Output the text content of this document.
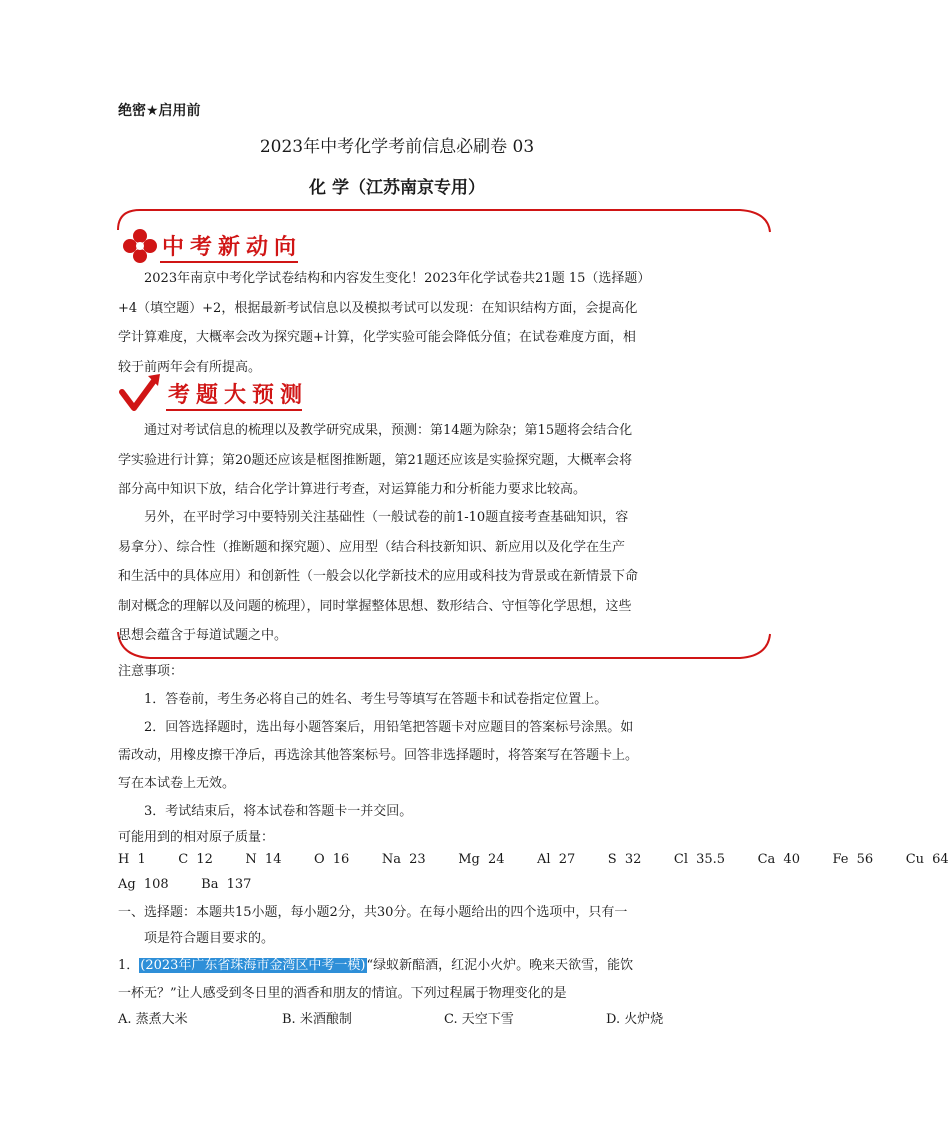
绝密★启用前
2023年中考化学考前信息必刷卷 03
化 学（江苏南京专用）
中考新动向
2023年南京中考化学试卷结构和内容发生变化！2023年化学试卷共21题 15（选择题）
+4（填空题）+2，根据最新考试信息以及模拟考试可以发现：在知识结构方面，会提高化
学计算难度，大概率会改为探究题+计算，化学实验可能会降低分值；在试卷难度方面，相
较于前两年会有所提高。
考题大预测
通过对考试信息的梳理以及教学研究成果，预测：第14题为除杂；第15题将会结合化
学实验进行计算；第20题还应该是框图推断题，第21题还应该是实验探究题，大概率会将
部分高中知识下放，结合化学计算进行考查，对运算能力和分析能力要求比较高。
另外，在平时学习中要特别关注基础性（一般试卷的前1-10题直接考查基础知识，容
易拿分）、综合性（推断题和探究题）、应用型（结合科技新知识、新应用以及化学在生产
和生活中的具体应用）和创新性（一般会以化学新技术的应用或科技为背景或在新情景下命
制对概念的理解以及问题的梳理），同时掌握整体思想、数形结合、守恒等化学思想，这些
思想会蕴含于每道试题之中。
注意事项：
1．答卷前，考生务必将自己的姓名、考生号等填写在答题卡和试卷指定位置上。
2．回答选择题时，选出每小题答案后，用铅笔把答题卡对应题目的答案标号涂黑。如
需改动，用橡皮擦干净后，再选涂其他答案标号。回答非选择题时，将答案写在答题卡上。
写在本试卷上无效。
3．考试结束后，将本试卷和答题卡一并交回。
可能用到的相对原子质量：
H 1    C 12    N 14    O 16    Na 23    Mg 24    Al 27    S 32    Cl 35.5    Ca 40    Fe 56    Cu 64
Ag 108    Ba 137
一、选择题：本题共15小题，每小题2分，共30分。在每小题给出的四个选项中，只有一
项是符合题目要求的。
1．(2023年广东省珠海市金湾区中考一模)“绿蚁新醅酒，红泥小火炉。晚来天欲雪，能饮
一杯无？”让人感受到冬日里的酒香和朋友的情谊。下列过程属于物理变化的是
A. 蒸煮大米	B. 米酒酿制	C. 天空下雪	D. 火炉烧
